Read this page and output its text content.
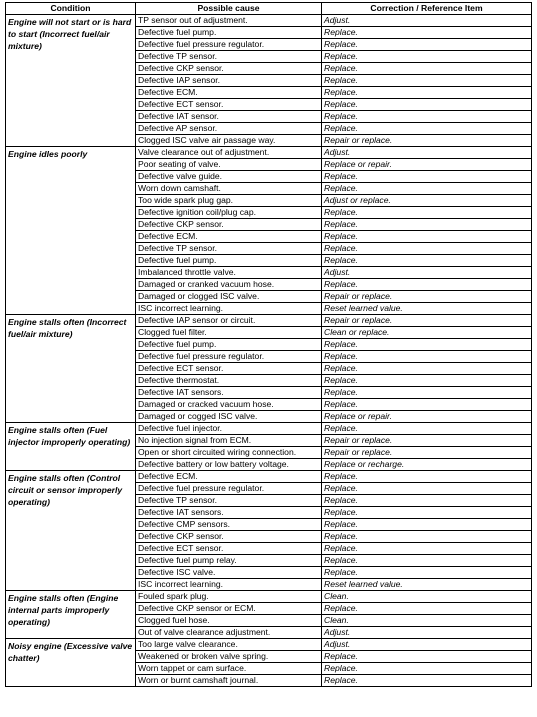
Condition	Possible cause	Correction / Reference Item
Engine will not start or is hard to start (Incorrect fuel/air mixture)	TP sensor out of adjustment.	Adjust.
	Defective fuel pump.	Replace.
	Defective fuel pressure regulator.	Replace.
	Defective TP sensor.	Replace.
	Defective CKP sensor.	Replace.
	Defective IAP sensor.	Replace.
	Defective ECM.	Replace.
	Defective ECT sensor.	Replace.
	Defective IAT sensor.	Replace.
	Defective AP sensor.	Replace.
	Clogged ISC valve air passage way.	Repair or replace.
Engine idles poorly	Valve clearance out of adjustment.	Adjust.
	Poor seating of valve.	Replace or repair.
	Defective valve guide.	Replace.
	Worn down camshaft.	Replace.
	Too wide spark plug gap.	Adjust or replace.
	Defective ignition coil/plug cap.	Replace.
	Defective CKP sensor.	Replace.
	Defective ECM.	Replace.
	Defective TP sensor.	Replace.
	Defective fuel pump.	Replace.
	Imbalanced throttle valve.	Adjust.
	Damaged or cranked vacuum hose.	Replace.
	Damaged or clogged ISC valve.	Repair or replace.
	ISC incorrect learning.	Reset learned value.
Engine stalls often (Incorrect fuel/air mixture)	Defective IAP sensor or circuit.	Repair or replace.
	Clogged fuel filter.	Clean or replace.
	Defective fuel pump.	Replace.
	Defective fuel pressure regulator.	Replace.
	Defective ECT sensor.	Replace.
	Defective thermostat.	Replace.
	Defective IAT sensors.	Replace.
	Damaged or cracked vacuum hose.	Replace.
	Damaged or cogged ISC valve.	Replace or repair.
Engine stalls often (Fuel injector improperly operating)	Defective fuel injector.	Replace.
	No injection signal from ECM.	Repair or replace.
	Open or short circuited wiring connection.	Repair or replace.
	Defective battery or low battery voltage.	Replace or recharge.
Engine stalls often (Control circuit or sensor improperly operating)	Defective ECM.	Replace.
	Defective fuel pressure regulator.	Replace.
	Defective TP sensor.	Replace.
	Defective IAT sensors.	Replace.
	Defective CMP sensors.	Replace.
	Defective CKP sensor.	Replace.
	Defective ECT sensor.	Replace.
	Defective fuel pump relay.	Replace.
	Defective ISC valve.	Replace.
	ISC incorrect learning.	Reset learned value.
Engine stalls often (Engine internal parts improperly operating)	Fouled spark plug.	Clean.
	Defective CKP sensor or ECM.	Replace.
	Clogged fuel hose.	Clean.
	Out of valve clearance adjustment.	Adjust.
Noisy engine (Excessive valve chatter)	Too large valve clearance.	Adjust.
	Weakened or broken valve spring.	Replace.
	Worn tappet or cam surface.	Replace.
	Worn or burnt camshaft journal.	Replace.
